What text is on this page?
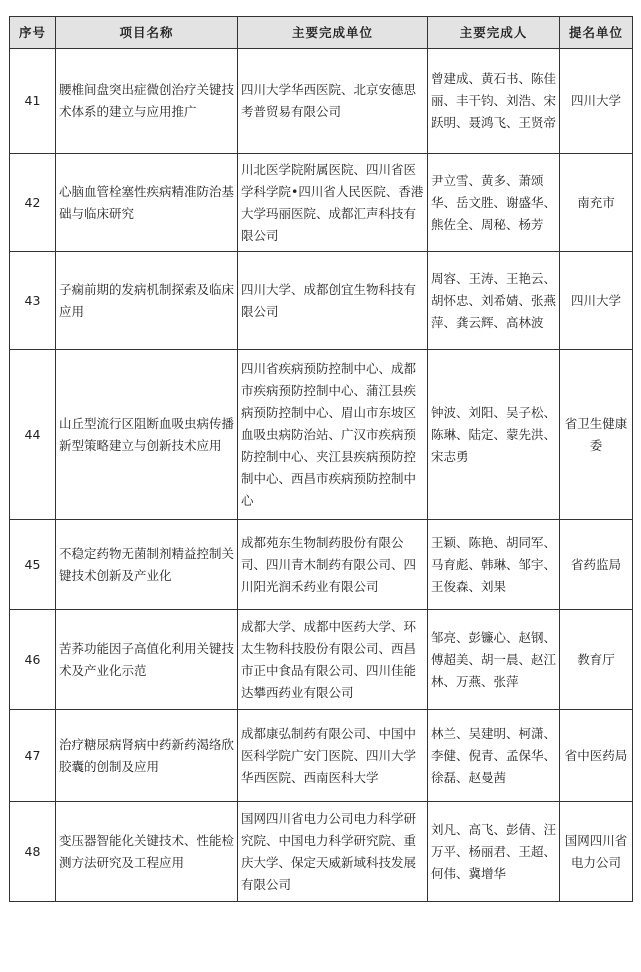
序号	项目名称	主要完成单位	主要完成人	提名单位
41	腰椎间盘突出症微创治疗关键技术体系的建立与应用推广	四川大学华西医院、北京安德思考普贸易有限公司	曾建成、黄石书、陈佳丽、丰干钧、刘浩、宋跃明、聂鸿飞、王贤帝	四川大学
42	心脑血管栓塞性疾病精准防治基础与临床研究	川北医学院附属医院、四川省医学科学院•四川省人民医院、香港大学玛丽医院、成都汇声科技有限公司	尹立雪、黄多、萧颂华、岳文胜、谢盛华、熊佐全、周秘、杨芳	南充市
43	子痫前期的发病机制探索及临床应用	四川大学、成都创宜生物科技有限公司	周容、王涛、王艳云、胡怀忠、刘希婧、张燕萍、龚云辉、高林波	四川大学
44	山丘型流行区阻断血吸虫病传播新型策略建立与创新技术应用	四川省疾病预防控制中心、成都市疾病预防控制中心、蒲江县疾病预防控制中心、眉山市东坡区血吸虫病防治站、广汉市疾病预防控制中心、夹江县疾病预防控制中心、西昌市疾病预防控制中心	钟波、刘阳、吴子松、陈琳、陆定、蒙先洪、宋志勇	省卫生健康委
45	不稳定药物无菌制剂精益控制关键技术创新及产业化	成都苑东生物制药股份有限公司、四川青木制药有限公司、四川阳光润禾药业有限公司	王颖、陈艳、胡同军、马育彪、韩琳、邹宇、王俊森、刘果	省药监局
46	苦荞功能因子高值化利用关键技术及产业化示范	成都大学、成都中医药大学、环太生物科技股份有限公司、西昌市正中食品有限公司、四川佳能达攀西药业有限公司	邹亮、彭镰心、赵钢、傅超美、胡一晨、赵江林、万燕、张萍	教育厅
47	治疗糖尿病肾病中药新药渴络欣胶囊的创制及应用	成都康弘制药有限公司、中国中医科学院广安门医院、四川大学华西医院、西南医科大学	林兰、吴建明、柯潇、李健、倪青、孟保华、徐磊、赵曼茜	省中医药局
48	变压器智能化关键技术、性能检测方法研究及工程应用	国网四川省电力公司电力科学研究院、中国电力科学研究院、重庆大学、保定天威新域科技发展有限公司	刘凡、高飞、彭倩、汪万平、杨丽君、王超、何伟、冀增华	国网四川省电力公司
